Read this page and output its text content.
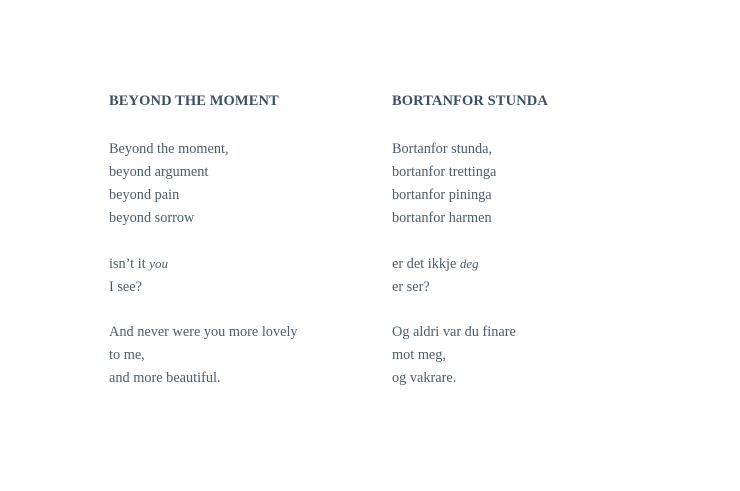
BEYOND THE MOMENT
Beyond the moment,
beyond argument
beyond pain
beyond sorrow
isn’t it you
I see?
And never were you more lovely
to me,
and more beautiful.
BORTANFOR STUNDA
Bortanfor stunda,
bortanfor trettinga
bortanfor pininga
bortanfor harmen
er det ikkje deg
er ser?
Og aldri var du finare
mot meg,
og vakrare.
